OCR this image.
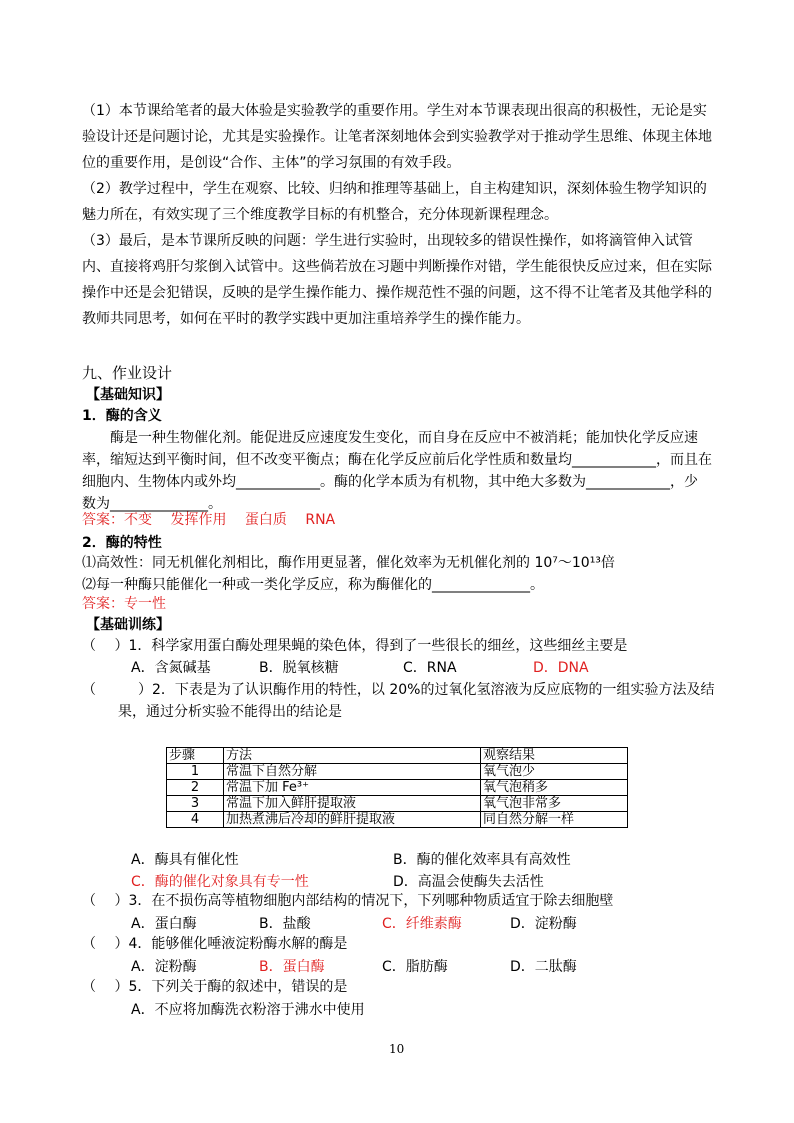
（1）本节课给笔者的最大体验是实验教学的重要作用。学生对本节课表现出很高的积极性，无论是实验设计还是问题讨论，尤其是实验操作。让笔者深刻地体会到实验教学对于推动学生思维、体现主体地位的重要作用，是创设“合作、主体”的学习氛围的有效手段。
（2）教学过程中，学生在观察、比较、归纳和推理等基础上，自主构建知识，深刻体验生物学知识的魅力所在，有效实现了三个维度教学目标的有机整合，充分体现新课程理念。
（3）最后，是本节课所反映的问题：学生进行实验时，出现较多的错误性操作，如将滴管伸入试管内、直接将鸡肝匀浆倒入试管中。这些倘若放在习题中判断操作对错，学生能很快反应过来，但在实际操作中还是会犯错误，反映的是学生操作能力、操作规范性不强的问题，这不得不让笔者及其他学科的教师共同思考，如何在平时的教学实践中更加注重培养学生的操作能力。
九、作业设计
【基础知识】
1．酶的含义
酶是一种生物催化剂。能促进反应速度发生变化，而自身在反应中不被消耗；能加快化学反应速
率，缩短达到平衡时间，但不改变平衡点；酶在化学反应前后化学性质和数量均____________，而且在
细胞内、生物体内或外均____________。酶的化学本质为有机物，其中绝大多数为____________，少
数为______________。
答案：不变　 发挥作用　 蛋白质　 RNA
2．酶的特性
⑴高效性：同无机催化剂相比，酶作用更显著，催化效率为无机催化剂的 10⁷～10¹³倍
⑵每一种酶只能催化一种或一类化学反应，称为酶催化的______________。
答案：专一性
【基础训练】
（　 ）1．科学家用蛋白酶处理果蝇的染色体，得到了一些很长的细丝，这些细丝主要是
A．含氮碱基	B．脱氧核糖	C．RNA	D．DNA
（　　　）2．下表是为了认识酶作用的特性，以 20%的过氧化氢溶液为反应底物的一组实验方法及结
果，通过分析实验不能得出的结论是
步骤	方法	观察结果
1	常温下自然分解	氧气泡少
2	常温下加 Fe³⁺	氧气泡稍多
3	常温下加入鲜肝提取液	氧气泡非常多
4	加热煮沸后冷却的鲜肝提取液	同自然分解一样
A．酶具有催化性	B．酶的催化效率具有高效性
C．酶的催化对象具有专一性	D．高温会使酶失去活性
（　 ）3．在不损伤高等植物细胞内部结构的情况下，下列哪种物质适宜于除去细胞壁
A．蛋白酶	B．盐酸	C．纤维素酶	D．淀粉酶
（　 ）4．能够催化唾液淀粉酶水解的酶是
A．淀粉酶	B．蛋白酶	C．脂肪酶	D．二肽酶
（　 ）5．下列关于酶的叙述中，错误的是
A．不应将加酶洗衣粉溶于沸水中使用
10
